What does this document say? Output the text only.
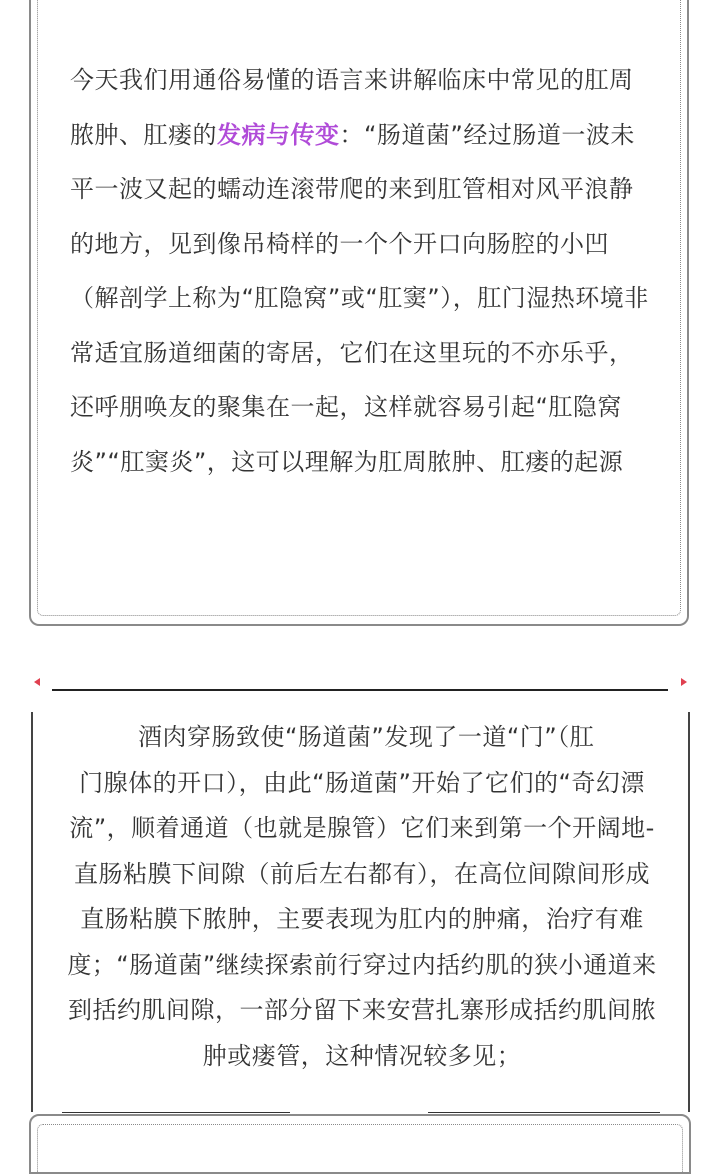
今天我们用通俗易懂的语言来讲解临床中常见的肛周脓肿、肛瘘的发病与传变：“肠道菌”经过肠道一波未平一波又起的蠕动连滚带爬的来到肛管相对风平浪静的地方，见到像吊椅样的一个个开口向肠腔的小凹（解剖学上称为“肛隐窝”或“肛窦”），肛门湿热环境非常适宜肠道细菌的寄居，它们在这里玩的不亦乐乎，还呼朋唤友的聚集在一起，这样就容易引起“肛隐窝炎”“肛窦炎”，这可以理解为肛周脓肿、肛瘘的起源

酒肉穿肠致使“肠道菌”发现了一道“门”（肛
门腺体的开口），由此“肠道菌”开始了它们的“奇幻漂流”，顺着通道（也就是腺管）它们来到第一个开阔地-直肠粘膜下间隙（前后左右都有），在高位间隙间形成直肠粘膜下脓肿，主要表现为肛内的肿痛，治疗有难度；“肠道菌”继续探索前行穿过内括约肌的狭小通道来到括约肌间隙，一部分留下来安营扎寨形成括约肌间脓肿或瘘管，这种情况较多见；
